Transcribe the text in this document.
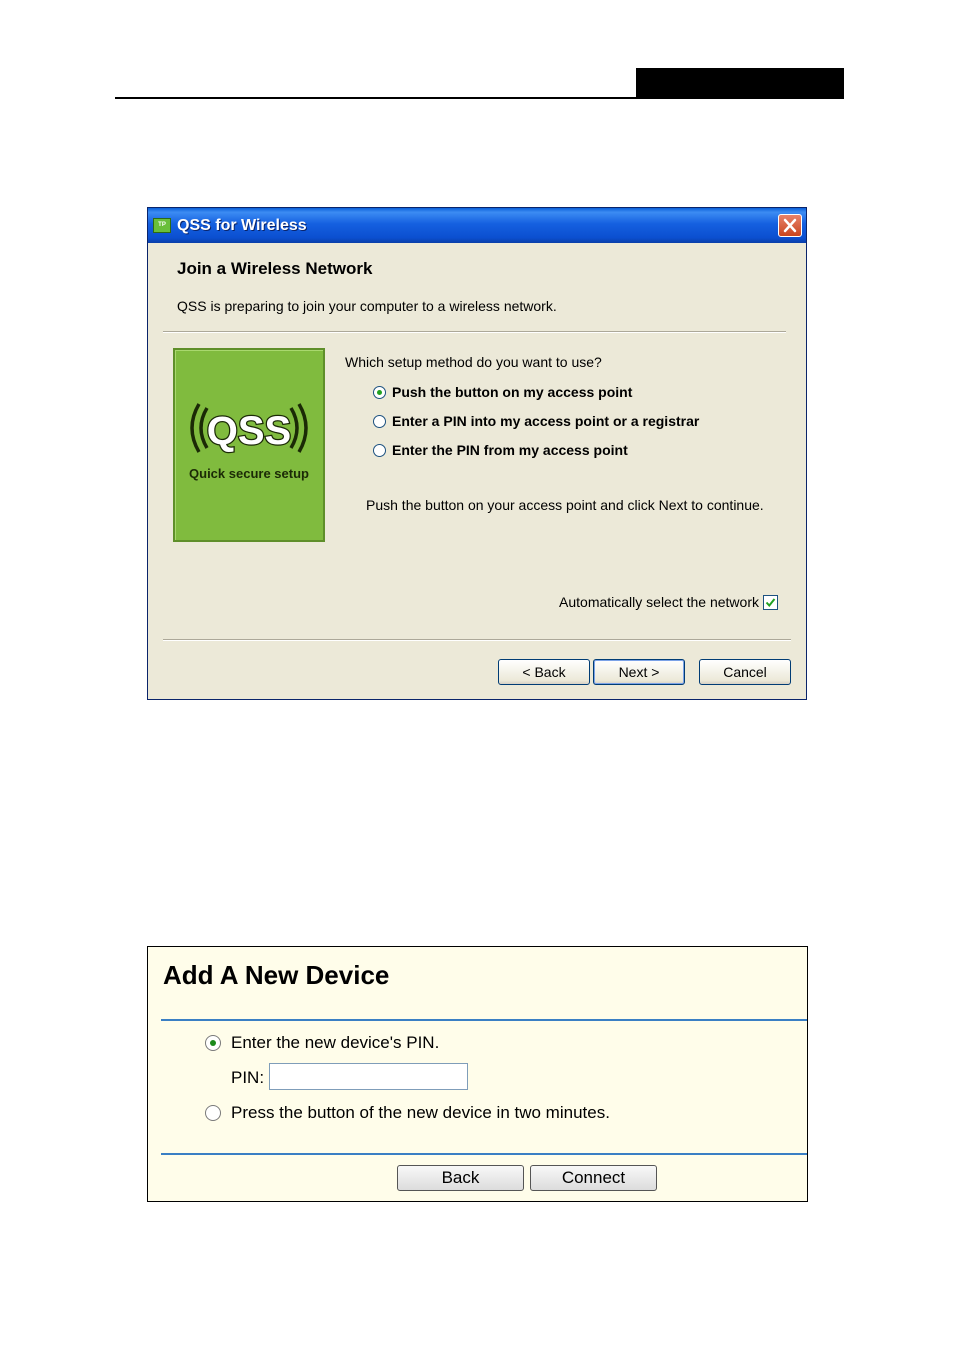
TP QSS for Wireless
Join a Wireless Network
QSS is preparing to join your computer to a wireless network.
QSS
Quick secure setup
Which setup method do you want to use?
Push the button on my access point
Enter a PIN into my access point or a registrar
Enter the PIN from my access point
Push the button on your access point and click Next to continue.
Automatically select the network
< Back	Next >	Cancel
Add A New Device
Enter the new device's PIN.
PIN:
Press the button of the new device in two minutes.
Back	Connect
